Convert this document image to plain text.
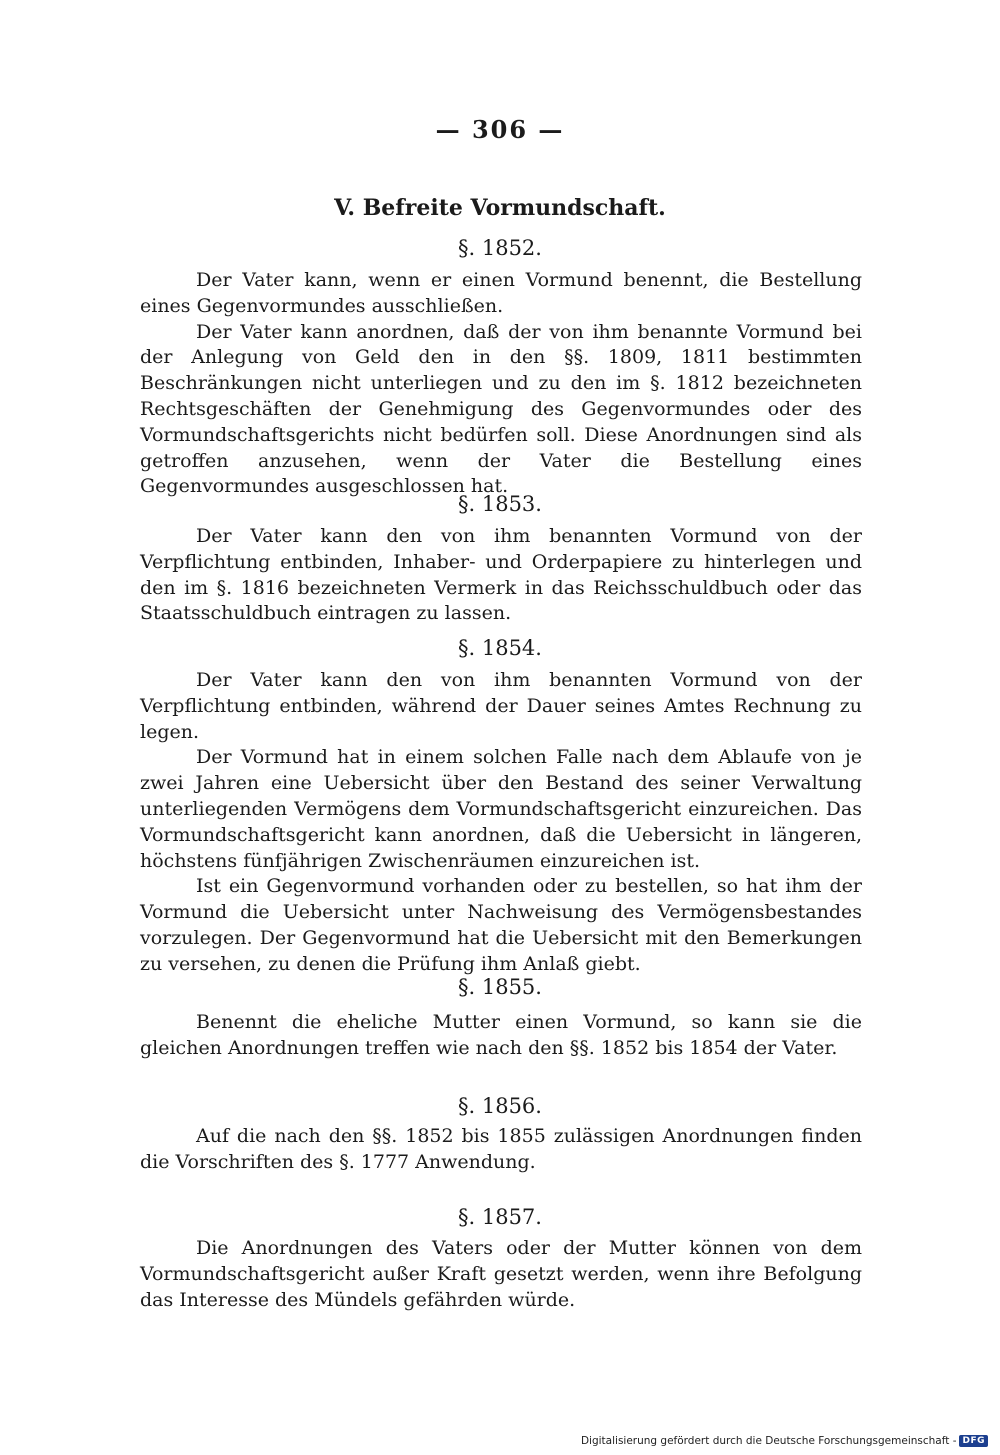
— 306 —
V. Befreite Vormundschaft.
§. 1852.

Der Vater kann, wenn er einen Vormund benennt, die Bestellung eines Gegenvormundes ausschließen.

Der Vater kann anordnen, daß der von ihm benannte Vormund bei der Anlegung von Geld den in den §§. 1809, 1811 bestimmten Beschränkungen nicht unterliegen und zu den im §. 1812 bezeichneten Rechtsgeschäften der Genehmigung des Gegenvormundes oder des Vormundschaftsgerichts nicht bedürfen soll. Diese Anordnungen sind als getroffen anzusehen, wenn der Vater die Bestellung eines Gegenvormundes ausgeschlossen hat.

§. 1853.

Der Vater kann den von ihm benannten Vormund von der Verpflichtung entbinden, Inhaber- und Orderpapiere zu hinterlegen und den im §. 1816 bezeichneten Vermerk in das Reichsschuldbuch oder das Staatsschuldbuch eintragen zu lassen.

§. 1854.

Der Vater kann den von ihm benannten Vormund von der Verpflichtung entbinden, während der Dauer seines Amtes Rechnung zu legen.

Der Vormund hat in einem solchen Falle nach dem Ablaufe von je zwei Jahren eine Uebersicht über den Bestand des seiner Verwaltung unterliegenden Vermögens dem Vormundschaftsgericht einzureichen. Das Vormundschaftsgericht kann anordnen, daß die Uebersicht in längeren, höchstens fünfjährigen Zwischenräumen einzureichen ist.

Ist ein Gegenvormund vorhanden oder zu bestellen, so hat ihm der Vormund die Uebersicht unter Nachweisung des Vermögensbestandes vorzulegen. Der Gegenvormund hat die Uebersicht mit den Bemerkungen zu versehen, zu denen die Prüfung ihm Anlaß giebt.

§. 1855.

Benennt die eheliche Mutter einen Vormund, so kann sie die gleichen Anordnungen treffen wie nach den §§. 1852 bis 1854 der Vater.

§. 1856.

Auf die nach den §§. 1852 bis 1855 zulässigen Anordnungen finden die Vorschriften des §. 1777 Anwendung.

§. 1857.

Die Anordnungen des Vaters oder der Mutter können von dem Vormundschaftsgericht außer Kraft gesetzt werden, wenn ihre Befolgung das Interesse des Mündels gefährden würde.

Digitalisierung gefördert durch die Deutsche Forschungsgemeinschaft - DFG
